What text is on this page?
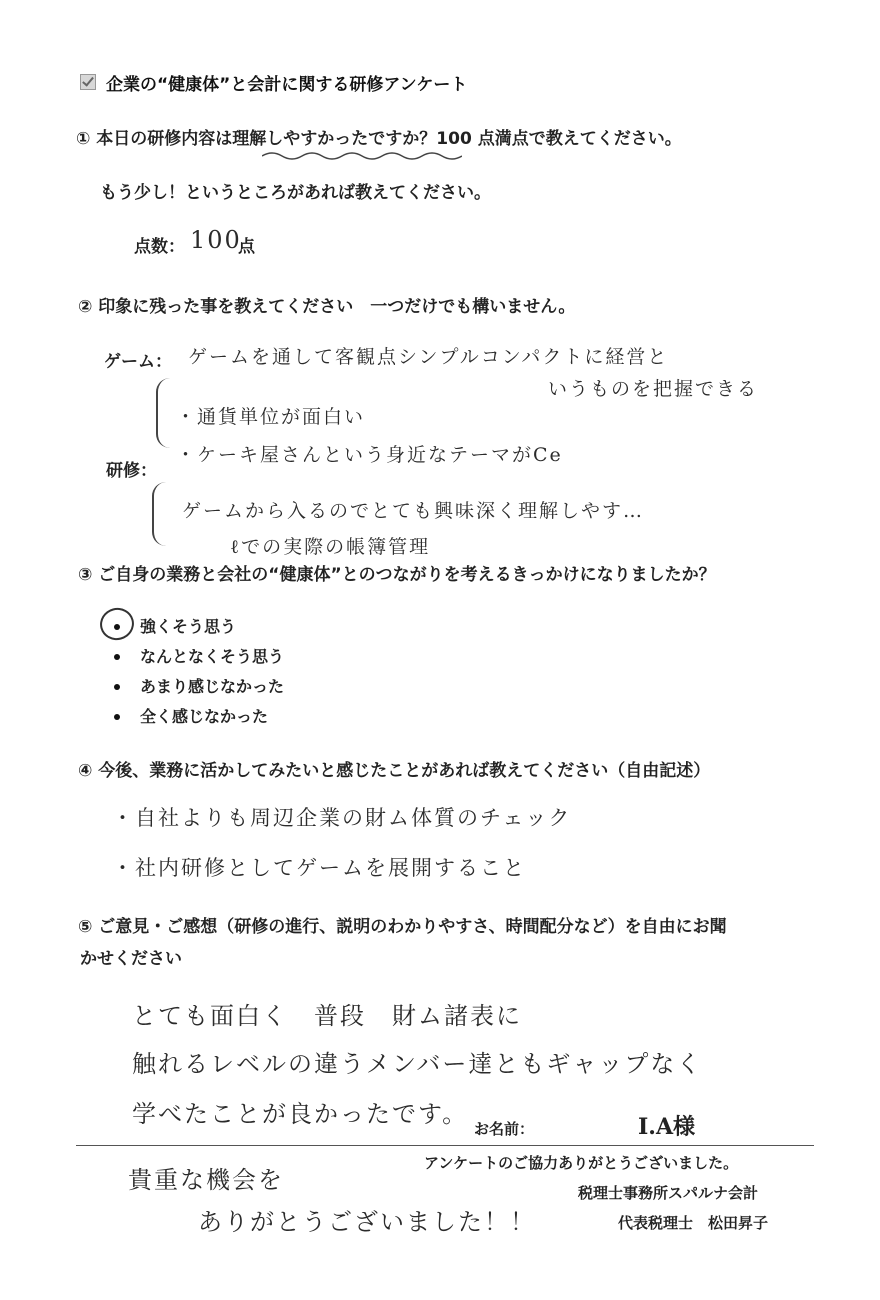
企業の“健康体”と会計に関する研修アンケート
① 本日の研修内容は理解しやすかったですか？100 点満点で教えてください。
もう少し！というところがあれば教えてください。
点数： 100
点
② 印象に残った事を教えてください　一つだけでも構いません。
ゲーム： ゲームを通して客観点シンプルコンパクトに経営と
いうものを把握できる
・通貨単位が面白い
・ケーキ屋さんという身近なテーマがCe
研修：
ゲームから入るのでとても興味深く理解しやす…
ℓでの実際の帳簿管理
③ ご自身の業務と会社の“健康体”とのつながりを考えるきっかけになりましたか？
強くそう思う
なんとなくそう思う
あまり感じなかった
全く感じなかった
④ 今後、業務に活かしてみたいと感じたことがあれば教えてください（自由記述）
・自社よりも周辺企業の財ム体質のチェック
・社内研修としてゲームを展開すること
⑤ ご意見・ご感想（研修の進行、説明のわかりやすさ、時間配分など）を自由にお聞
かせください
とても面白く　普段　財ム諸表に
触れるレベルの違うメンバー達ともギャップなく
学べたことが良かったです。
お名前：	I.A様
貴重な機会を
ありがとうございました！！
アンケートのご協力ありがとうございました。
税理士事務所スパルナ会計
代表税理士　松田昇子
